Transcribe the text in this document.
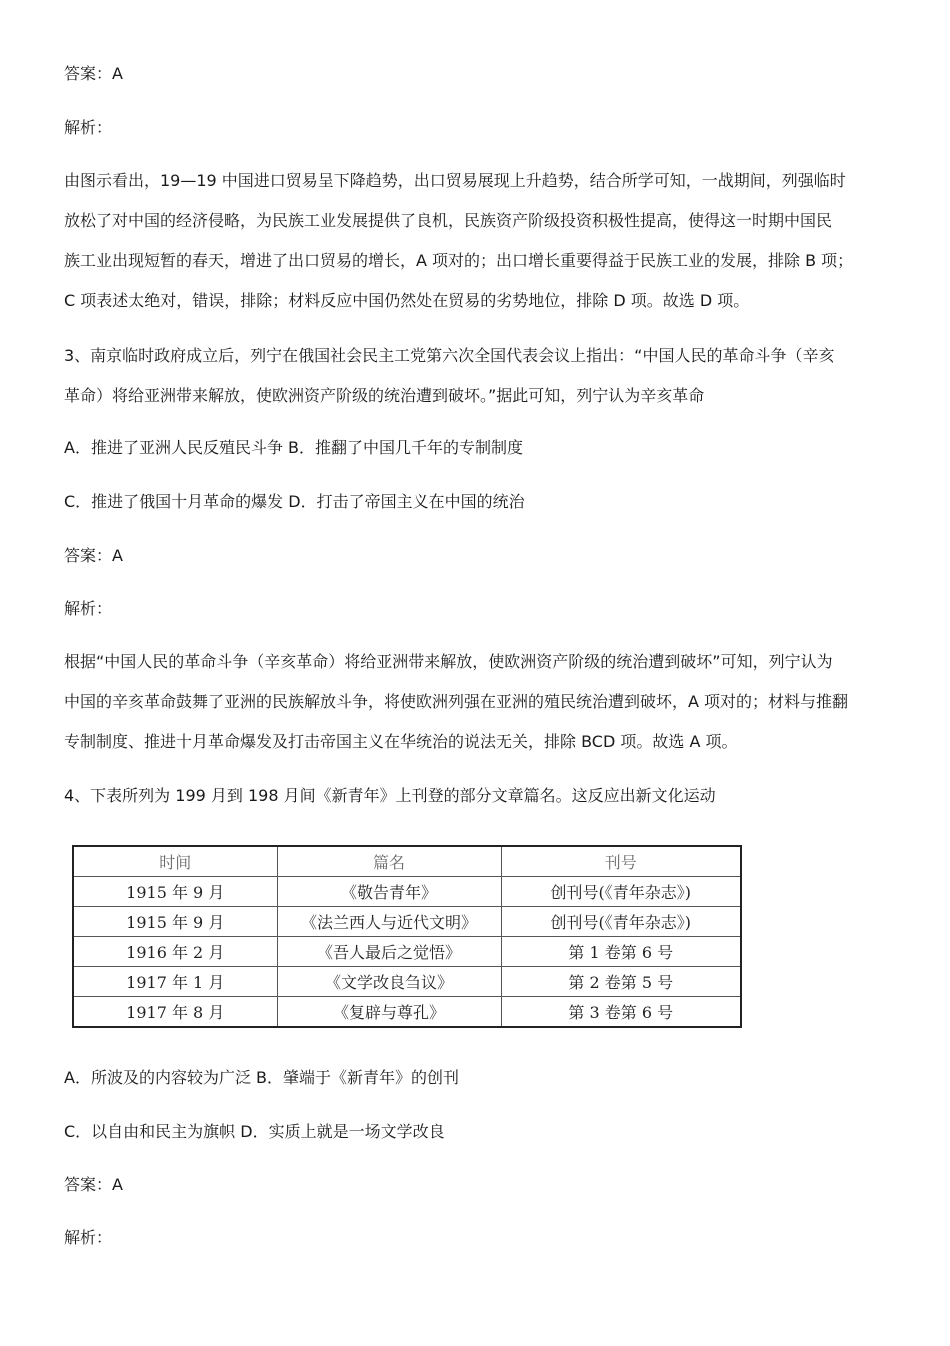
答案：A
解析：
由图示看出，19—19 中国进口贸易呈下降趋势，出口贸易展现上升趋势，结合所学可知，一战期间，列强临时
放松了对中国的经济侵略，为民族工业发展提供了良机，民族资产阶级投资积极性提高，使得这一时期中国民
族工业出现短暂的春天，增进了出口贸易的增长，A 项对的；出口增长重要得益于民族工业的发展，排除 B 项；
C 项表述太绝对，错误，排除；材料反应中国仍然处在贸易的劣势地位，排除 D 项。故选 D 项。
3、南京临时政府成立后，列宁在俄国社会民主工党第六次全国代表会议上指出：“中国人民的革命斗争（辛亥
革命）将给亚洲带来解放，使欧洲资产阶级的统治遭到破坏。”据此可知，列宁认为辛亥革命
A．推进了亚洲人民反殖民斗争 B．推翻了中国几千年的专制制度
C．推进了俄国十月革命的爆发 D．打击了帝国主义在中国的统治
答案：A
解析：
根据“中国人民的革命斗争（辛亥革命）将给亚洲带来解放，使欧洲资产阶级的统治遭到破坏”可知，列宁认为
中国的辛亥革命鼓舞了亚洲的民族解放斗争，将使欧洲列强在亚洲的殖民统治遭到破坏，A 项对的；材料与推翻
专制制度、推进十月革命爆发及打击帝国主义在华统治的说法无关，排除 BCD 项。故选 A 项。
4、下表所列为 199 月到 198 月间《新青年》上刊登的部分文章篇名。这反应出新文化运动
时间	篇名	刊号
1915 年 9 月	《敬告青年》	创刊号(《青年杂志》)
1915 年 9 月	《法兰西人与近代文明》	创刊号(《青年杂志》)
1916 年 2 月	《吾人最后之觉悟》	第 1 卷第 6 号
1917 年 1 月	《文学改良刍议》	第 2 卷第 5 号
1917 年 8 月	《复辟与尊孔》	第 3 卷第 6 号
A．所波及的内容较为广泛 B．肇端于《新青年》的创刊
C．以自由和民主为旗帜 D．实质上就是一场文学改良
答案：A
解析：
